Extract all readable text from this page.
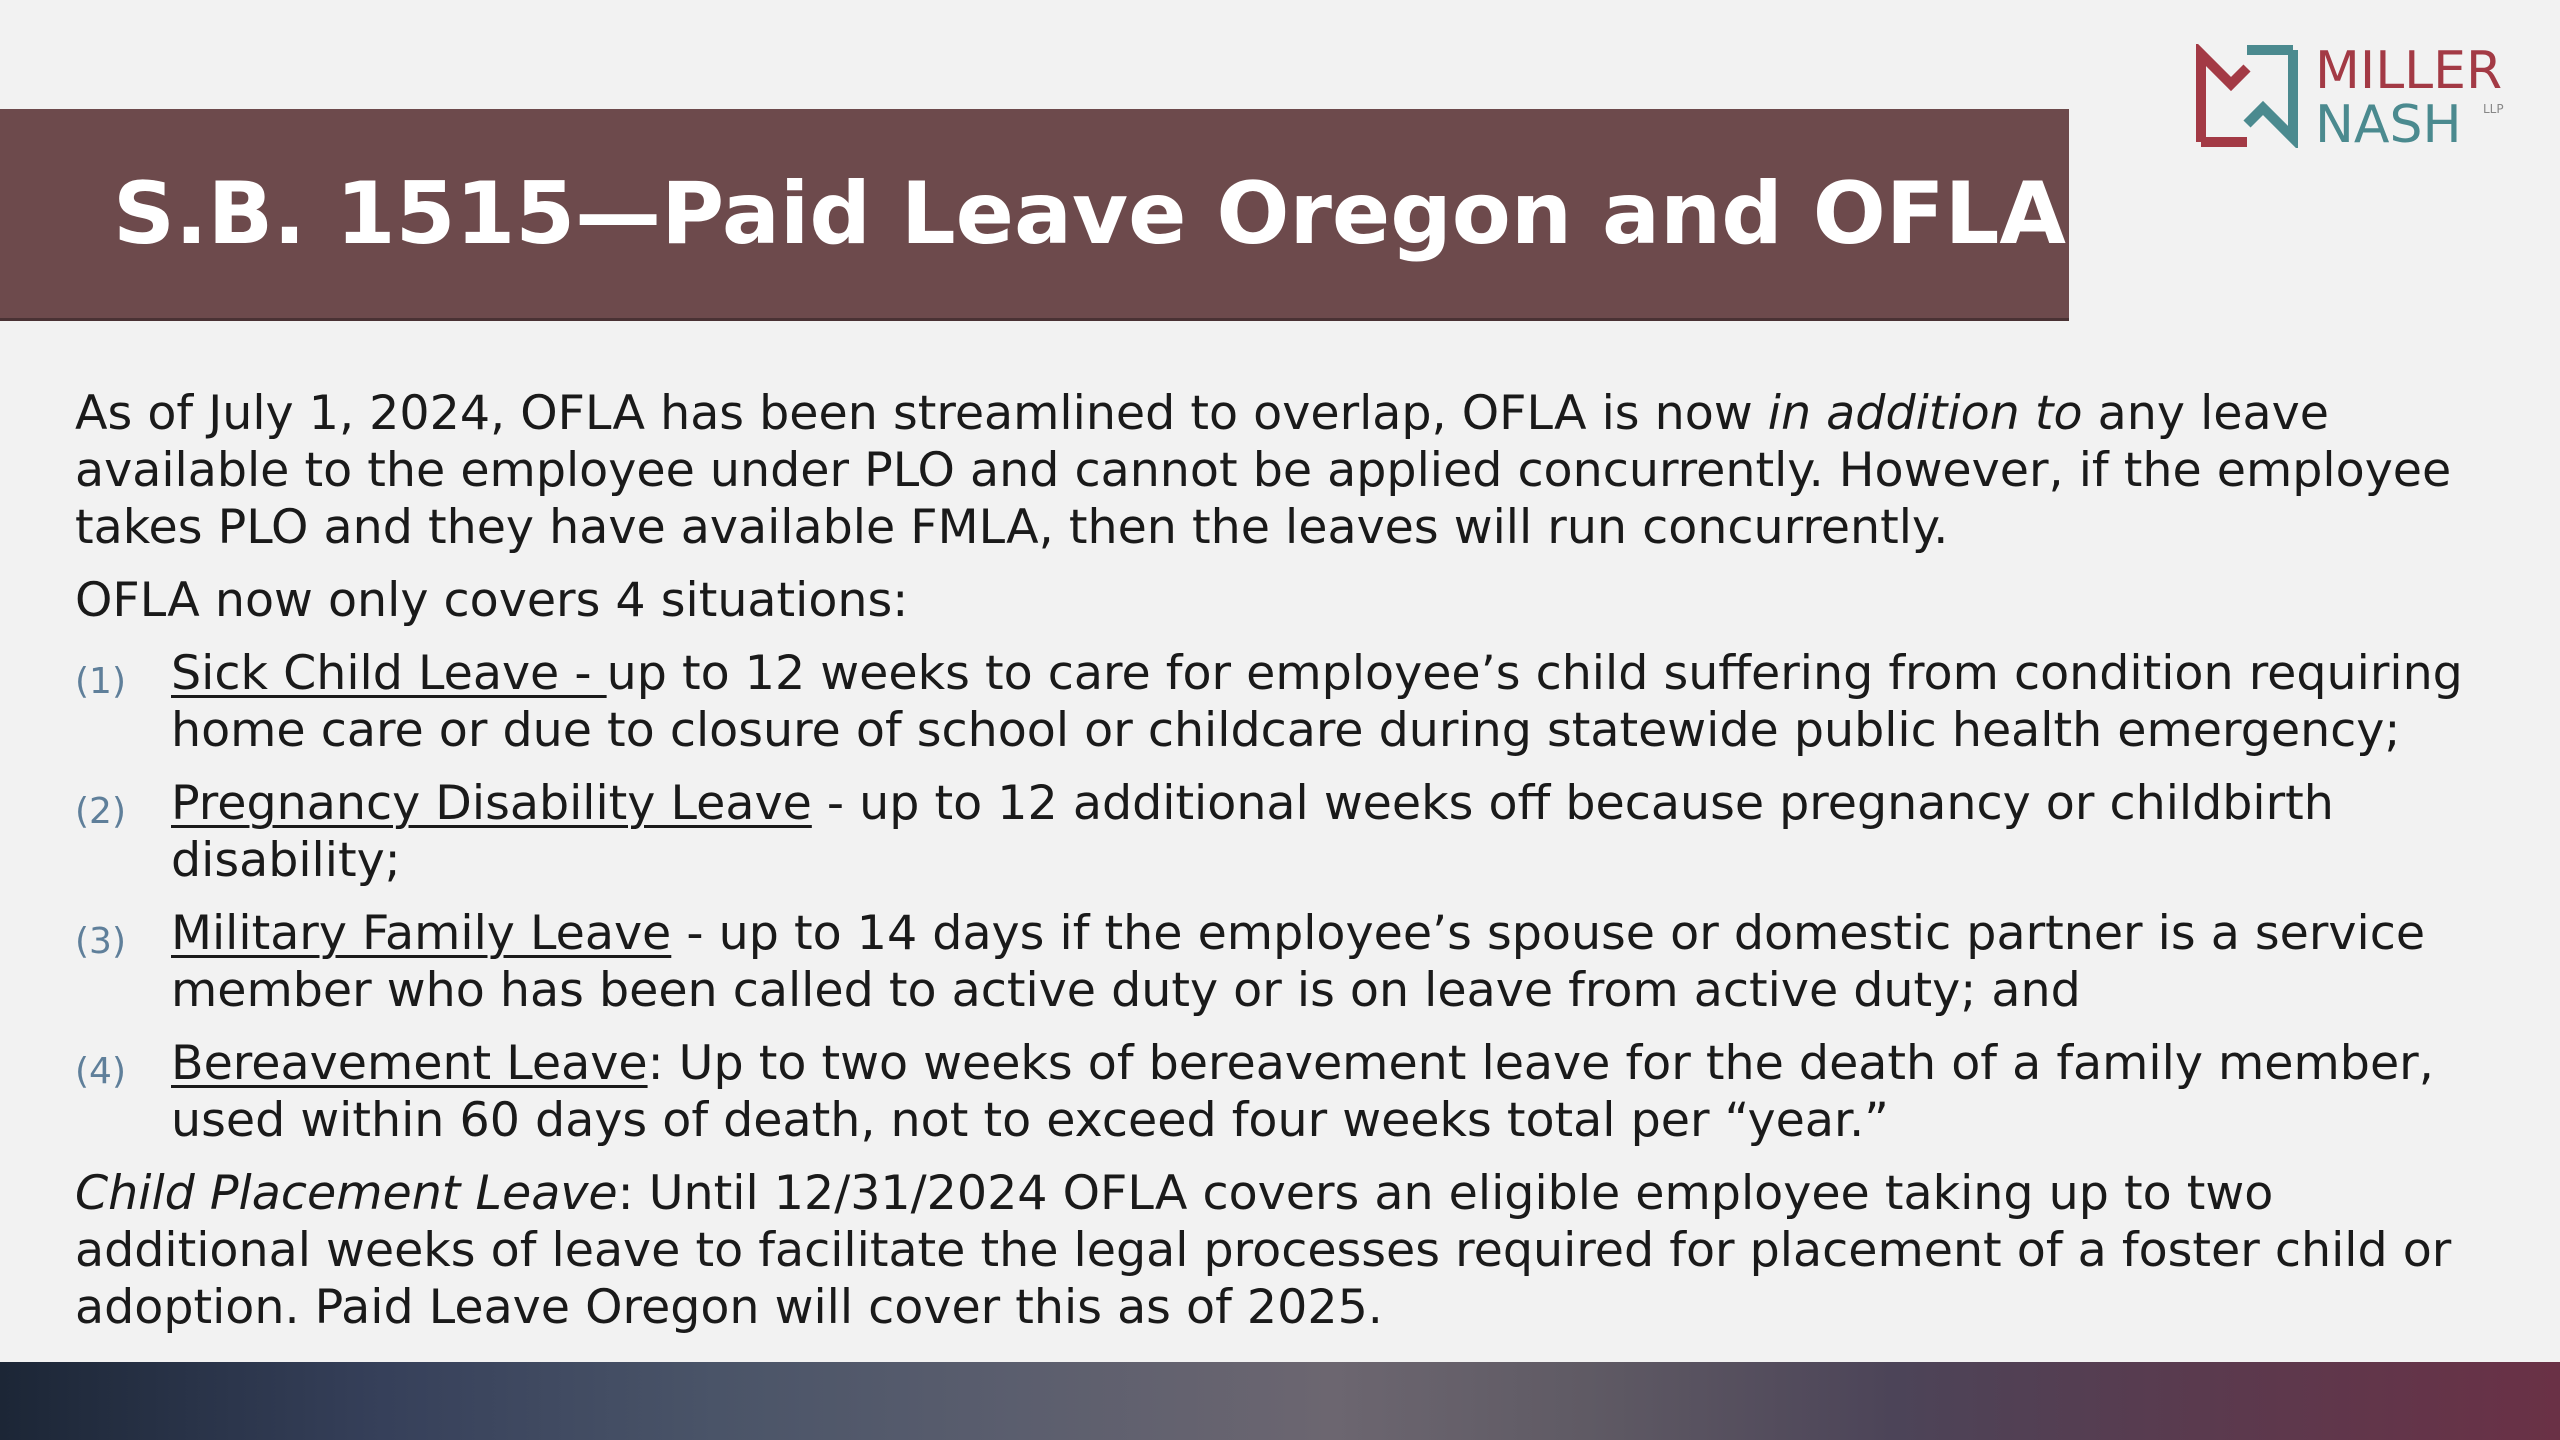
S.B. 1515—Paid Leave Oregon and OFLA
MILLER
NASH	LLP

As of July 1, 2024, OFLA has been streamlined to overlap, OFLA is now in addition to any leave available to the employee under PLO and cannot be applied concurrently. However, if the employee takes PLO and they have available FMLA, then the leaves will run concurrently.

OFLA now only covers 4 situations:

(1) Sick Child Leave - up to 12 weeks to care for employee’s child suffering from condition requiring home care or due to closure of school or childcare during statewide public health emergency;
(2) Pregnancy Disability Leave - up to 12 additional weeks off because pregnancy or childbirth disability;
(3) Military Family Leave - up to 14 days if the employee’s spouse or domestic partner is a service member who has been called to active duty or is on leave from active duty; and
(4) Bereavement Leave: Up to two weeks of bereavement leave for the death of a family member, used within 60 days of death, not to exceed four weeks total per “year.”

Child Placement Leave: Until 12/31/2024 OFLA covers an eligible employee taking up to two additional weeks of leave to facilitate the legal processes required for placement of a foster child or adoption. Paid Leave Oregon will cover this as of 2025.
